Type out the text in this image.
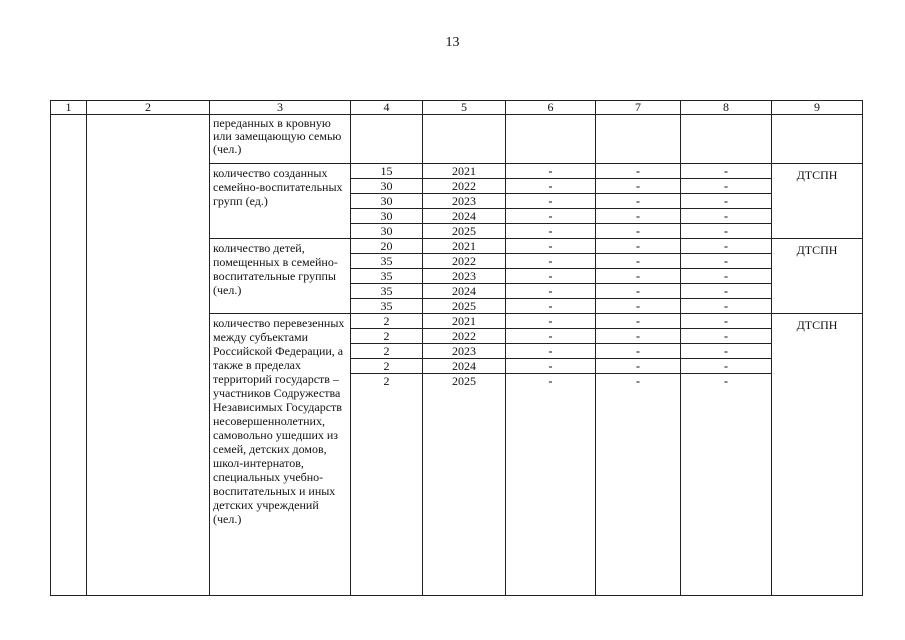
13
1	2	3	4	5	6	7	8	9
		переданных в кровную или замещающую семью (чел.)						
		количество созданных семейно-воспитательных групп (ед.)	15	2021	-	-	-	ДТСПН
			30	2022	-	-	-	
			30	2023	-	-	-	
			30	2024	-	-	-	
			30	2025	-	-	-	
		количество детей, помещенных в семейно-воспитательные группы (чел.)	20	2021	-	-	-	ДТСПН
			35	2022	-	-	-	
			35	2023	-	-	-	
			35	2024	-	-	-	
			35	2025	-	-	-	
		количество перевезенных между субъектами Российской Федерации, а также в пределах территорий государств – участников Содружества Независимых Государств несовершеннолетних, самовольно ушедших из семей, детских домов, школ-интернатов, специальных учебно-воспитательных и иных детских учреждений (чел.)	2	2021	-	-	-	ДТСПН
			2	2022	-	-	-	
			2	2023	-	-	-	
			2	2024	-	-	-	
			2	2025	-	-	-	
